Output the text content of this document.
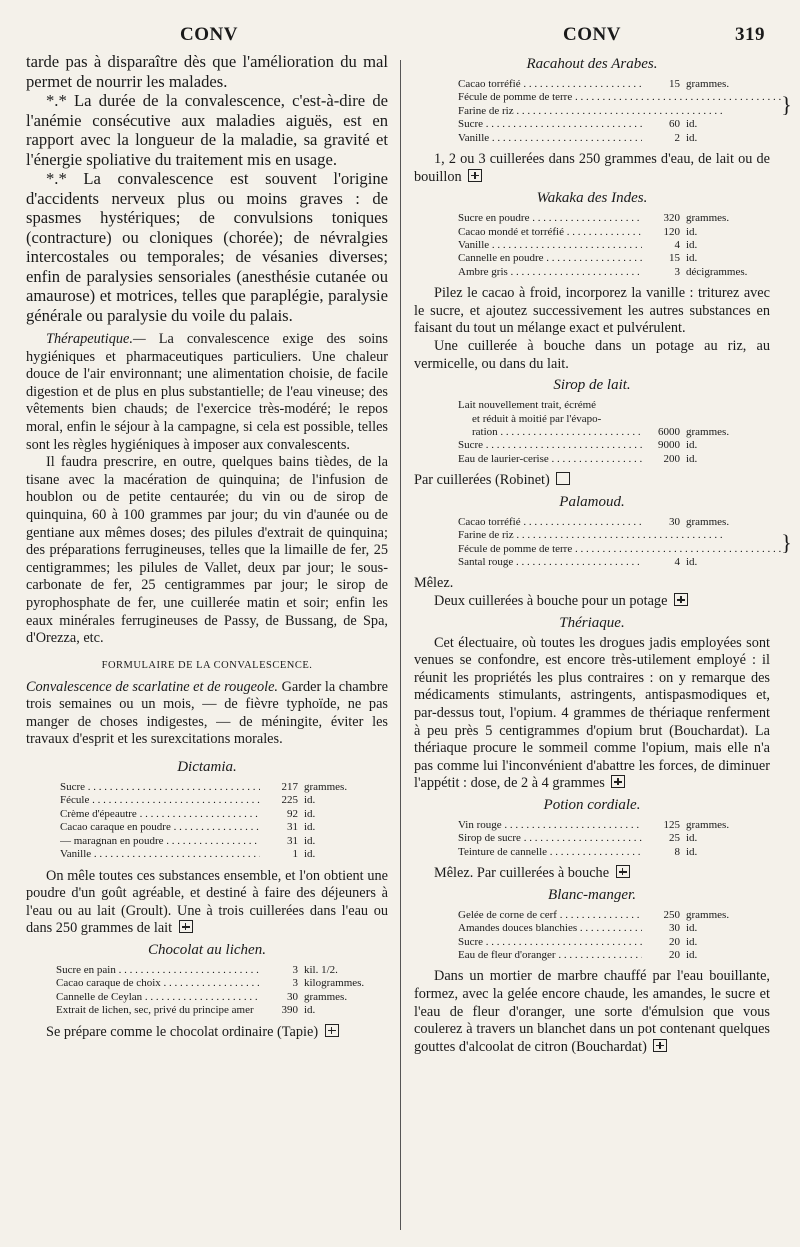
CONV	CONV	319

tarde pas à disparaître dès que l'amélioration du mal permet de nourrir les malades.

*.* La durée de la convalescence, c'est-à-dire de l'anémie consécutive aux maladies aiguës, est en rapport avec la longueur de la maladie, sa gravité et l'énergie spoliative du traitement mis en usage.

*.* La convalescence est souvent l'origine d'accidents nerveux plus ou moins graves : de spasmes hystériques; de convulsions toniques (contracture) ou cloniques (chorée); de névralgies intercostales ou temporales; de vésanies diverses; enfin de paralysies sensoriales (anesthésie cutanée ou amaurose) et motrices, telles que paraplégie, paralysie générale ou paralysie du voile du palais.

Thérapeutique.— La convalescence exige des soins hygiéniques et pharmaceutiques particuliers. Une chaleur douce de l'air environnant; une alimentation choisie, de facile digestion et de plus en plus substantielle; de l'eau vineuse; des vêtements bien chauds; de l'exercice très-modéré; le repos moral, enfin le séjour à la campagne, si cela est possible, telles sont les règles hygiéniques à imposer aux convalescents.

Il faudra prescrire, en outre, quelques bains tièdes, de la tisane avec la macération de quinquina; de l'infusion de houblon ou de petite centaurée; du vin ou de sirop de quinquina, 60 à 100 grammes par jour; du vin d'aunée ou de gentiane aux mêmes doses; des pilules d'extrait de quinquina; des préparations ferrugineuses, telles que la limaille de fer, 25 centigrammes; les pilules de Vallet, deux par jour; le sous-carbonate de fer, 25 centigrammes par jour; le sirop de pyrophosphate de fer, une cuillerée matin et soir; enfin les eaux minérales ferrugineuses de Passy, de Bussang, de Spa, d'Orezza, etc.

FORMULAIRE DE LA CONVALESCENCE.

Convalescence de scarlatine et de rougeole. Garder la chambre trois semaines ou un mois, — de fièvre typhoïde, ne pas manger de choses indigestes, — de méningite, éviter les travaux d'esprit et les surexcitations morales.

Dictamia.
Sucre . . .	217 grammes.
Fécule . . .	225 id.
Crème d'épeautre . . .	92 id.
Cacao caraque en poudre . . .	31 id.
— maragnan en poudre . . .	31 id.
Vanille . . .	1 id.

On mêle toutes ces substances ensemble, et l'on obtient une poudre d'un goût agréable, et destiné à faire des déjeuners à l'eau ou au lait (Groult). Une à trois cuillerées dans l'eau ou dans 250 grammes de lait

Chocolat au lichen.
Sucre en pain . . .	3 kil. 1/2.
Cacao caraque de choix . . .	3 kilogrammes.
Cannelle de Ceylan . . .	30 grammes.
Extrait de lichen, sec, privé du principe amer	390 id.

Se prépare comme le chocolat ordinaire (Tapie)

Racahout des Arabes.
Cacao torréfié . . .	15 grammes.
Fécule de pomme de terre . . .
Farine de riz . . .	}
Sucre . . .	60 id.
Vanille . . .	2 id.

1, 2 ou 3 cuillerées dans 250 grammes d'eau, de lait ou de bouillon

Wakaka des Indes.
Sucre en poudre . . .	320 grammes.
Cacao mondé et torréfié . . .	120 id.
Vanille . . .	4 id.
Cannelle en poudre . . .	15 id.
Ambre gris . . .	3 décigrammes.

Pilez le cacao à froid, incorporez la vanille : triturez avec le sucre, et ajoutez successivement les autres substances en faisant du tout un mélange exact et pulvérulent.

Une cuillerée à bouche dans un potage au riz, au vermicelle, ou dans du lait.

Sirop de lait.
Lait nouvellement trait, écrémé
et réduit à moitié par l'évapo-
ration . . .	6000 grammes.
Sucre . . .	9000 id.
Eau de laurier-cerise . . .	200 id.

Par cuillerées (Robinet)

Palamoud.
Cacao torréfié . . .	30 grammes.
Farine de riz . . .
Fécule de pomme de terre . . .	}
Santal rouge . . .	4 id.

Mêlez.

Deux cuillerées à bouche pour un potage

Thériaque.

Cet électuaire, où toutes les drogues jadis employées sont venues se confondre, est encore très-utilement employé : il réunit les propriétés les plus contraires : on y remarque des médicaments stimulants, astringents, antispasmodiques et, par-dessus tout, l'opium. 4 grammes de thériaque renferment à peu près 5 centigrammes d'opium brut (Bouchardat). La thériaque procure le sommeil comme l'opium, mais elle n'a pas comme lui l'inconvénient d'abattre les forces, de diminuer l'appétit : dose, de 2 à 4 grammes

Potion cordiale.
Vin rouge . . .	125 grammes.
Sirop de sucre . . .	25 id.
Teinture de cannelle . . .	8 id.

Mêlez. Par cuillerées à bouche

Blanc-manger.
Gelée de corne de cerf . . .	250 grammes.
Amandes douces blanchies . . .	30 id.
Sucre . . .	20 id.
Eau de fleur d'oranger . . .	20 id.

Dans un mortier de marbre chauffé par l'eau bouillante, formez, avec la gelée encore chaude, les amandes, le sucre et l'eau de fleur d'oranger, une sorte d'émulsion que vous coulerez à travers un blanchet dans un pot contenant quelques gouttes d'alcoolat de citron (Bouchardat)
